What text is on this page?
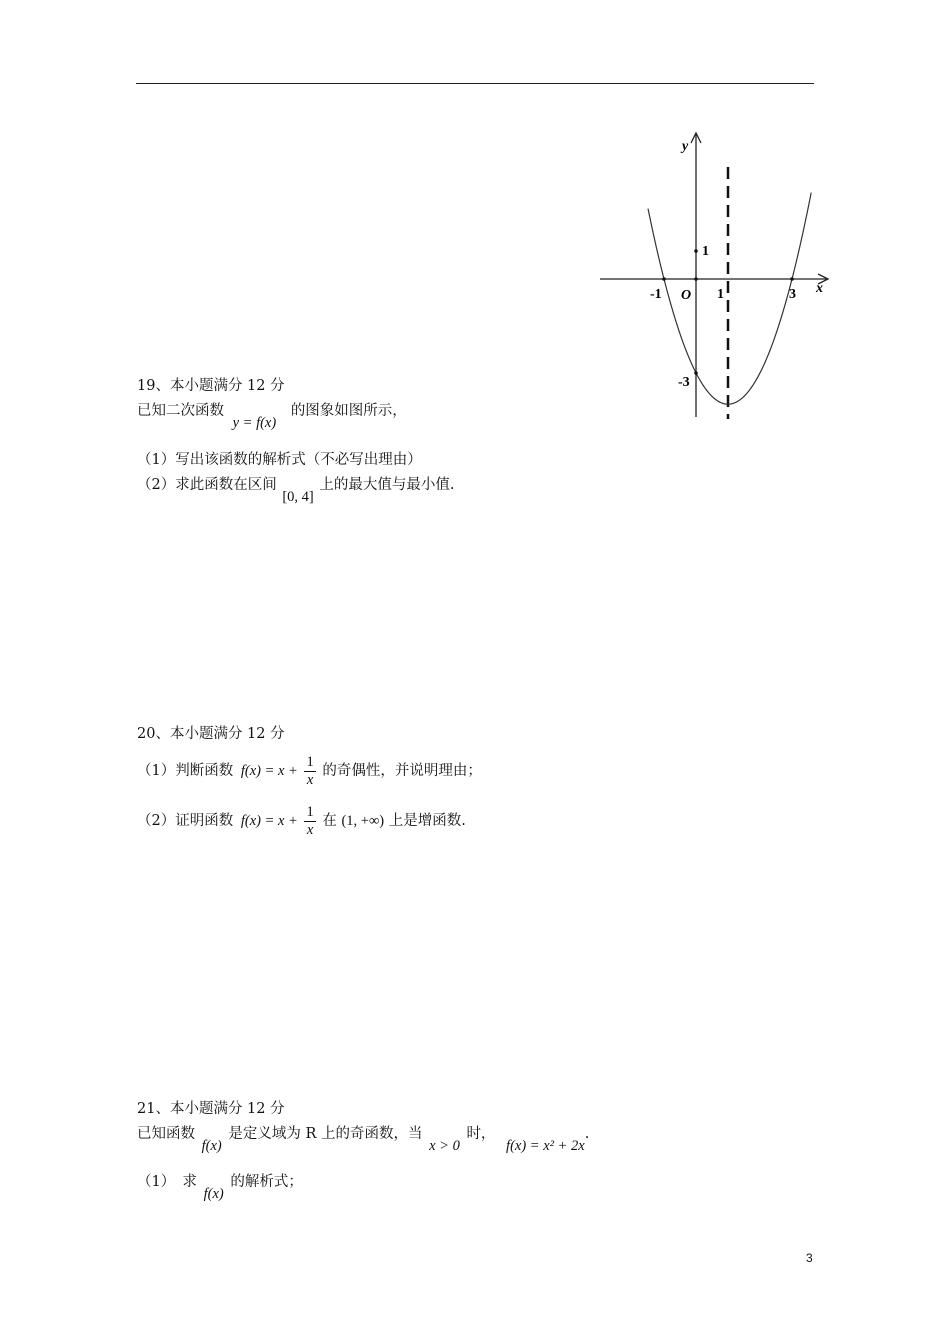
y
x
O
-1	1	3
1
-3
19、本小题满分 12 分
已知二次函数 y = f(x) 的图象如图所示，
（1）写出该函数的解析式（不必写出理由）
（2）求此函数在区间 [0, 4] 上的最大值与最小值.
20、本小题满分 12 分
（1）判断函数 $f(x) = x + \frac{1}{x}$ 的奇偶性，并说明理由；
（2）证明函数 $f(x) = x + \frac{1}{x}$ 在 (1, +∞) 上是增函数.
21、本小题满分 12 分
已知函数 f(x) 是定义域为 R 上的奇函数，当 x > 0 时， f(x) = x² + 2x.
（1）　求 f(x) 的解析式；
3
